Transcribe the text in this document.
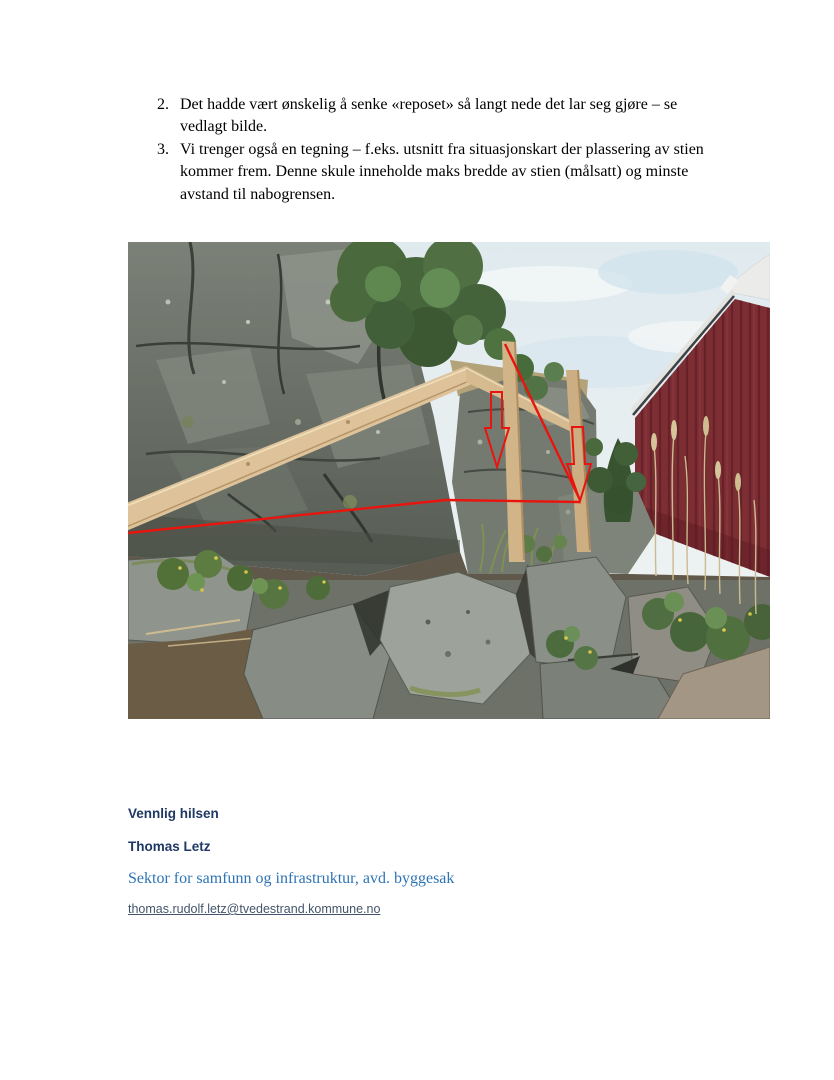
2. Det hadde vært ønskelig å senke «reposet» så langt nede det lar seg gjøre – se
vedlagt bilde.
3. Vi trenger også en tegning – f.eks. utsnitt fra situasjonskart der plassering av stien
kommer frem. Denne skule inneholde maks bredde av stien (målsatt) og minste
avstand til nabogrensen.
Vennlig hilsen
Thomas Letz
Sektor for samfunn og infrastruktur, avd. byggesak
thomas.rudolf.letz@tvedestrand.kommune.no
